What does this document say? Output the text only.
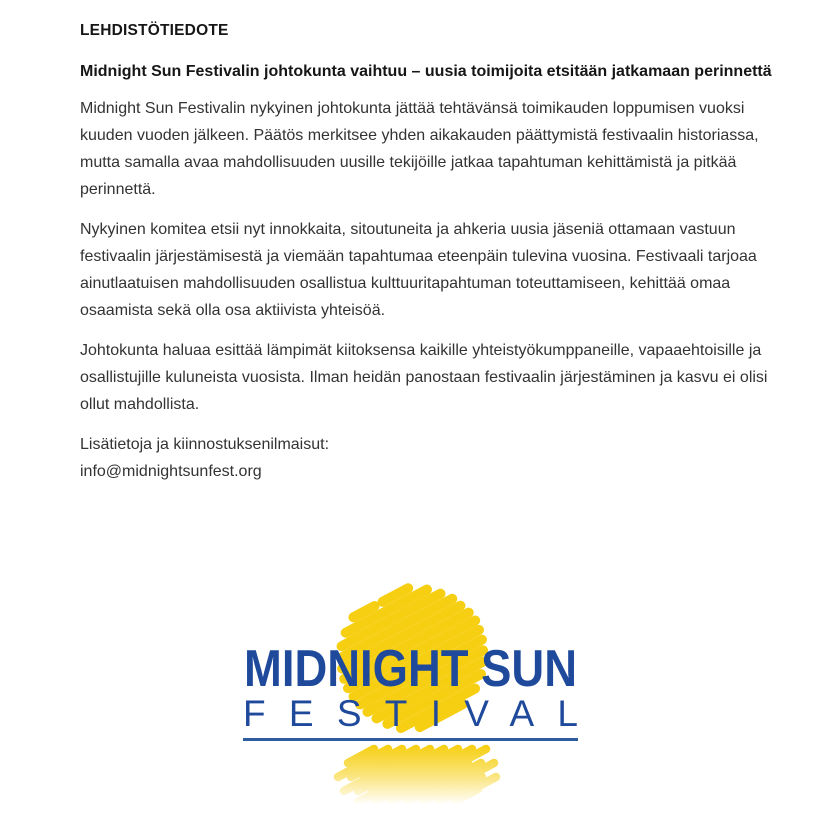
LEHDISTÖTIEDOTE
Midnight Sun Festivalin johtokunta vaihtuu – uusia toimijoita etsitään jatkamaan perinnettä

Midnight Sun Festivalin nykyinen johtokunta jättää tehtävänsä toimikauden loppumisen vuoksi kuuden vuoden jälkeen. Päätös merkitsee yhden aikakauden päättymistä festivaalin historiassa, mutta samalla avaa mahdollisuuden uusille tekijöille jatkaa tapahtuman kehittämistä ja pitkää perinnettä.

Nykyinen komitea etsii nyt innokkaita, sitoutuneita ja ahkeria uusia jäseniä ottamaan vastuun festivaalin järjestämisestä ja viemään tapahtumaa eteenpäin tulevina vuosina. Festivaali tarjoaa ainutlaatuisen mahdollisuuden osallistua kulttuuritapahtuman toteuttamiseen, kehittää omaa osaamista sekä olla osa aktiivista yhteisöä.

Johtokunta haluaa esittää lämpimät kiitoksensa kaikille yhteistyökumppaneille, vapaaehtoisille ja osallistujille kuluneista vuosista. Ilman heidän panostaan festivaalin järjestäminen ja kasvu ei olisi ollut mahdollista.

Lisätietoja ja kiinnostuksenilmaisut:
info@midnightsunfest.org

MIDNIGHT SUN
FESTIVAL
